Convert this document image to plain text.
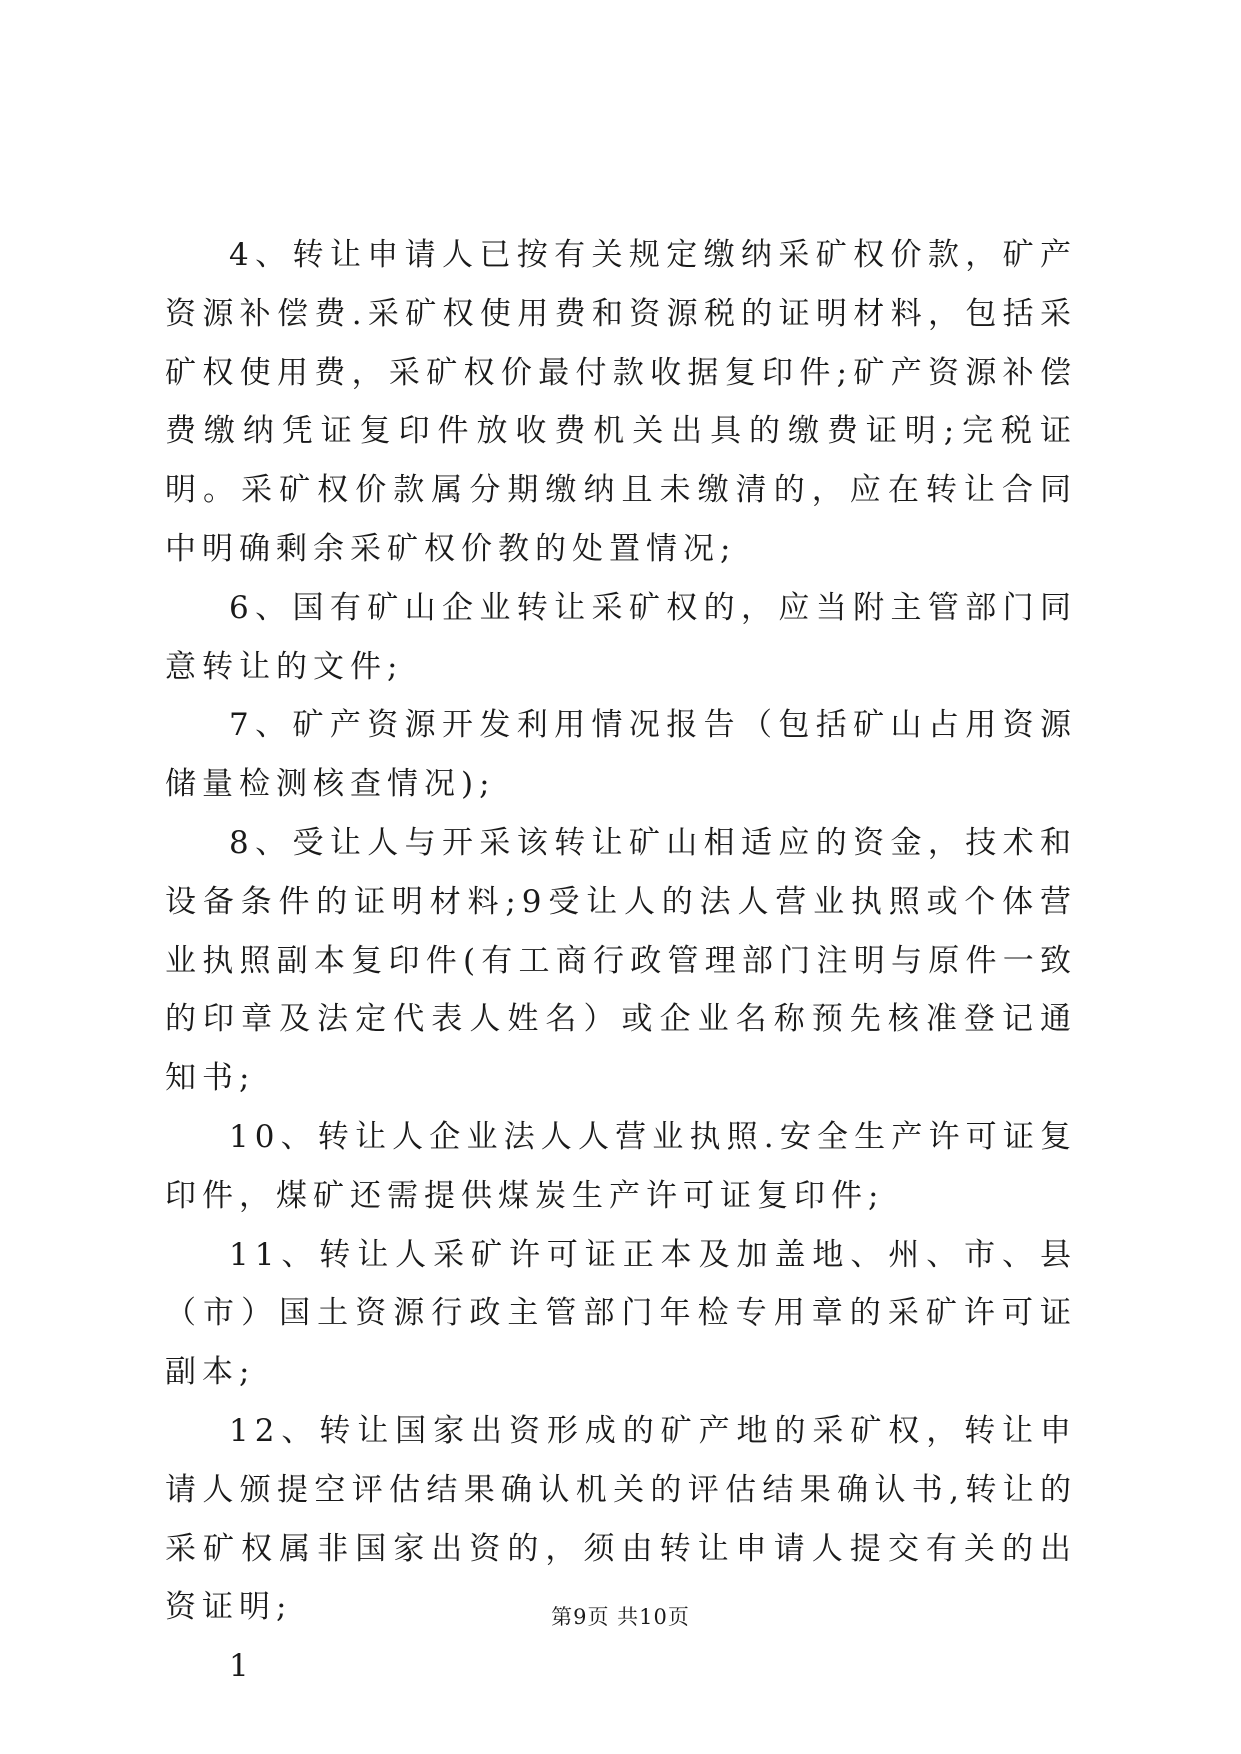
4、转让申请人已按有关规定缴纳采矿权价款，矿产资源补偿费.采矿权使用费和资源税的证明材料，包括采矿权使用费，采矿权价最付款收据复印件;矿产资源补偿费缴纳凭证复印件放收费机关出具的缴费证明;完税证明。采矿权价款属分期缴纳且未缴清的，应在转让合同中明确剩余采矿权价教的处置情况;

6、国有矿山企业转让采矿权的，应当附主管部门同意转让的文件;

7、矿产资源开发利用情况报告（包括矿山占用资源储量检测核查情况);

8、受让人与开采该转让矿山相适应的资金，技术和设备条件的证明材料;9受让人的法人营业执照或个体营业执照副本复印件(有工商行政管理部门注明与原件一致的印章及法定代表人姓名）或企业名称预先核准登记通知书;

10、转让人企业法人人营业执照.安全生产许可证复印件，煤矿还需提供煤炭生产许可证复印件;

11、转让人采矿许可证正本及加盖地、州、市、县（市）国土资源行政主管部门年检专用章的采矿许可证副本;

12、转让国家出资形成的矿产地的采矿权，转让申请人颁提空评估结果确认机关的评估结果确认书,转让的采矿权属非国家出资的，须由转让申请人提交有关的出资证明;

1

第9页 共10页
